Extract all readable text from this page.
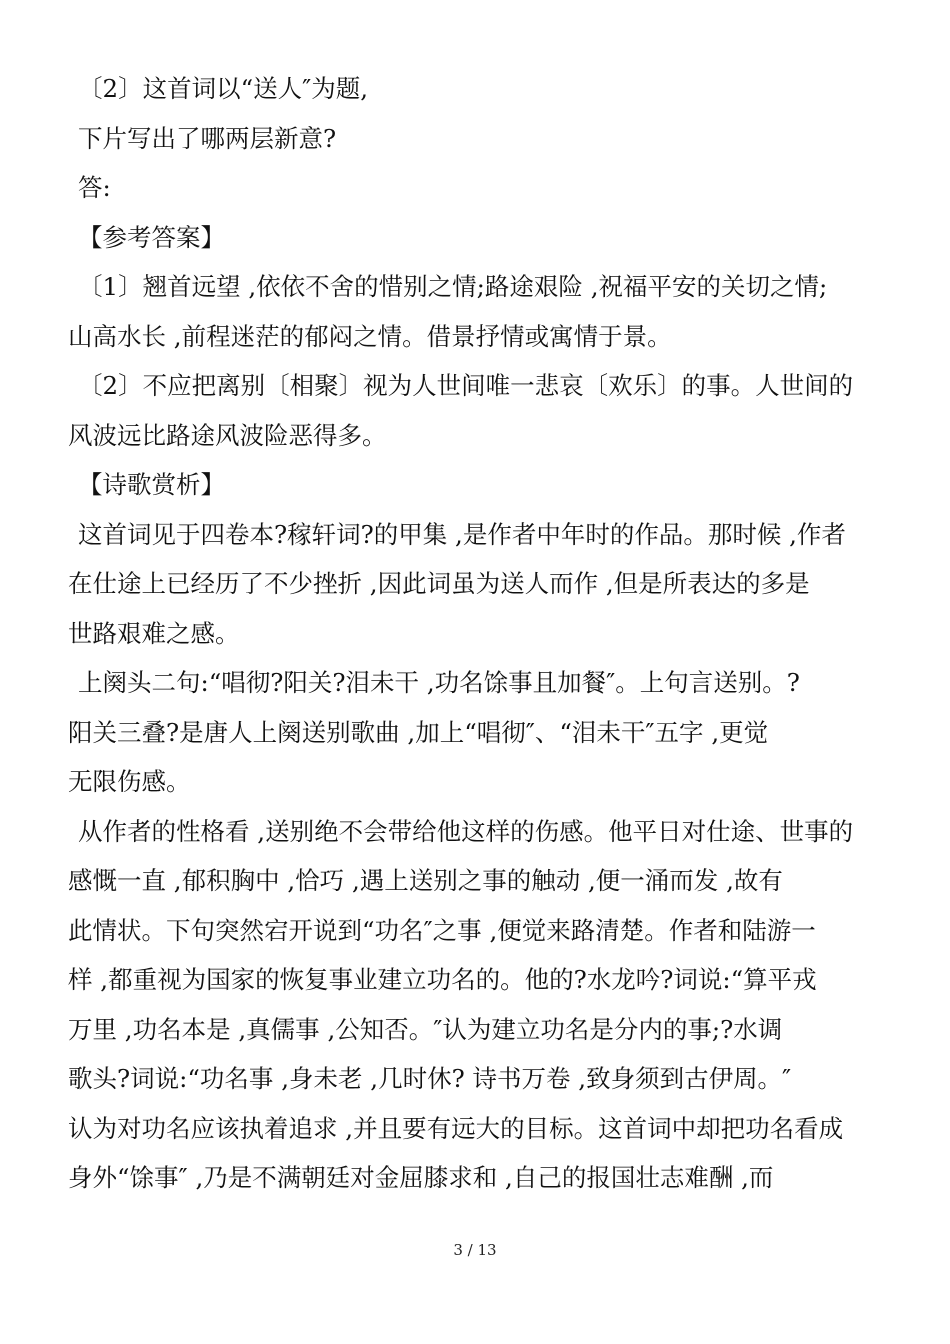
〔2〕这首词以“送人″为题,
下片写出了哪两层新意?
答:
【参考答案】
〔1〕翘首远望 ,依依不舍的惜别之情;路途艰险 ,祝福平安的关切之情;
山高水长 ,前程迷茫的郁闷之情。借景抒情或寓情于景。
〔2〕不应把离别〔相聚〕视为人世间唯一悲哀〔欢乐〕的事。人世间的
风波远比路途风波险恶得多。
【诗歌赏析】
这首词见于四卷本?稼轩词?的甲集 ,是作者中年时的作品。那时候 ,作者
在仕途上已经历了不少挫折 ,因此词虽为送人而作 ,但是所表达的多是
世路艰难之感。
上阕头二句:“唱彻?阳关?泪未干 ,功名馀事且加餐″。上句言送别。?
阳关三叠?是唐人上阕送别歌曲 ,加上“唱彻″、“泪未干″五字 ,更觉
无限伤感。
从作者的性格看 ,送别绝不会带给他这样的伤感。他平日对仕途、世事的
感慨一直 ,郁积胸中 ,恰巧 ,遇上送别之事的触动 ,便一涌而发 ,故有
此情状。下句突然宕开说到“功名″之事 ,便觉来路清楚。作者和陆游一
样 ,都重视为国家的恢复事业建立功名的。他的?水龙吟?词说:“算平戎
万里 ,功名本是 ,真儒事 ,公知否。″认为建立功名是分内的事;?水调
歌头?词说:“功名事 ,身未老 ,几时休? 诗书万卷 ,致身须到古伊周。″
认为对功名应该执着追求 ,并且要有远大的目标。这首词中却把功名看成
身外“馀事″ ,乃是不满朝廷对金屈膝求和 ,自己的报国壮志难酬 ,而
3 / 13
